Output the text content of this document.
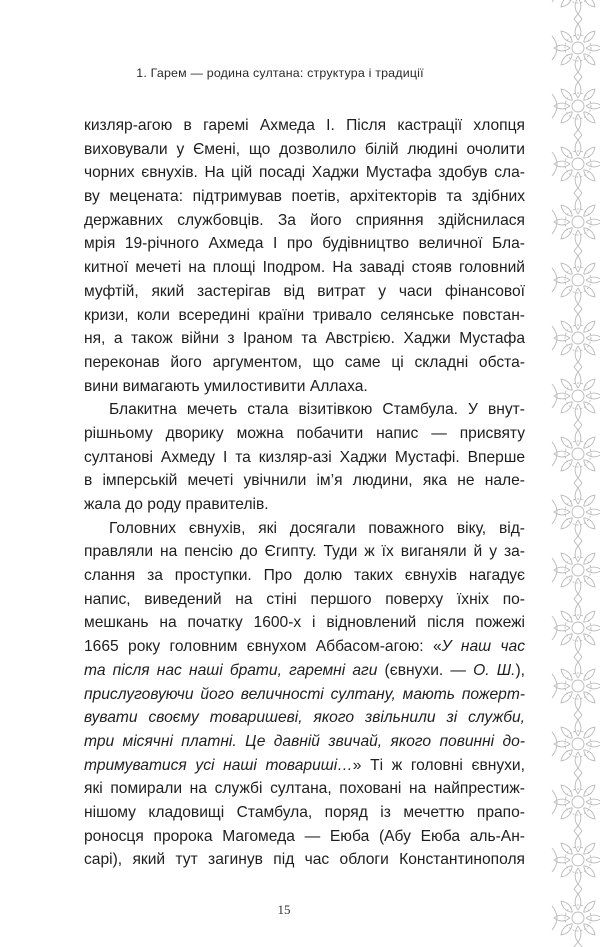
1. Гарем — родина султана: структура і традиції
кизляр-агою в гаремі Ахмеда І. Після кастрації хлопця
виховували у Ємені, що дозволило білій людині очолити
чорних євнухів. На цій посаді Хаджи Мустафа здобув сла-
ву мецената: підтримував поетів, архітекторів та здібних
державних службовців. За його сприяння здійснилася
мрія 19-річного Ахмеда І про будівництво величної Бла-
китної мечеті на площі Іподром. На заваді стояв головний
муфтій, який застерігав від витрат у часи фінансової
кризи, коли всередині країни тривало селянське повстан-
ня, а також війни з Іраном та Австрією. Хаджи Мустафа
переконав його аргументом, що саме ці складні обста-
вини вимагають умилостивити Аллаха.
Блакитна мечеть стала візитівкою Стамбула. У внут-
рішньому дворику можна побачити напис — присвяту
султанові Ахмеду І та кизляр-азі Хаджи Мустафі. Вперше
в імперській мечеті увічнили ім’я людини, яка не нале-
жала до роду правителів.
Головних євнухів, які досягали поважного віку, від-
правляли на пенсію до Єгипту. Туди ж їх виганяли й у за-
слання за проступки. Про долю таких євнухів нагадує
напис, виведений на стіні першого поверху їхніх по-
мешкань на початку 1600-х і відновлений після пожежі
1665 року головним євнухом Аббасом-агою: «У наш час
та після нас наші брати, гаремні аги (євнухи. — О. Ш.),
прислуговуючи його величності султану, мають пожерт-
вувати своєму товаришеві, якого звільнили зі служби,
три місячні платні. Це давній звичай, якого повинні до-
тримуватися усі наші товариші…» Ті ж головні євнухи,
які помирали на службі султана, поховані на найпрестиж-
нішому кладовищі Стамбула, поряд із мечеттю прапо-
роносця пророка Магомеда — Еюба (Абу Еюба аль-Ан-
сарі), який тут загинув під час облоги Константинополя
15
